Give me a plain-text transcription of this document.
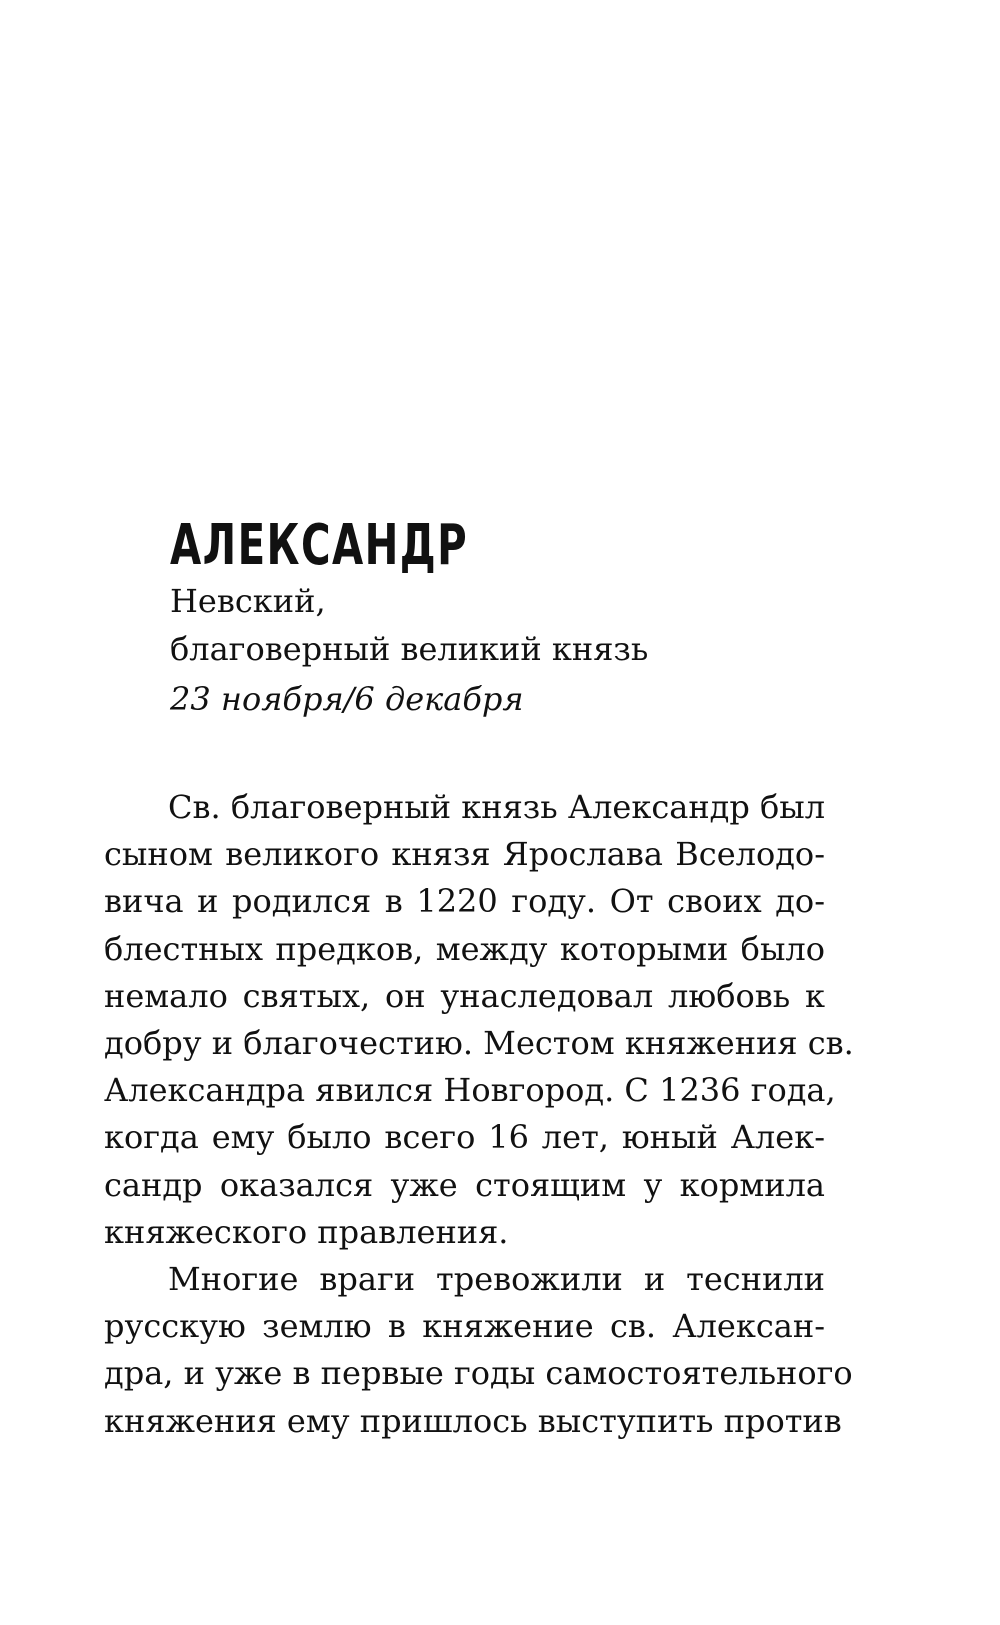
АЛЕКСАНДР

Невский,

благоверный великий князь

23 ноября/6 декабря

Св. благоверный князь Александр был

сыном великого князя Ярослава Вселодо-

вича и родился в 1220 году. От своих до-

блестных предков, между которыми было

немало святых, он унаследовал любовь к

добру и благочестию. Местом княжения св.

Александра явился Новгород. С 1236 года,

когда ему было всего 16 лет, юный Алек-

сандр оказался уже стоящим у кормила

княжеского правления.

Многие враги тревожили и теснили

русскую землю в княжение св. Алексан-

дра, и уже в первые годы самостоятельного

княжения ему пришлось выступить против
